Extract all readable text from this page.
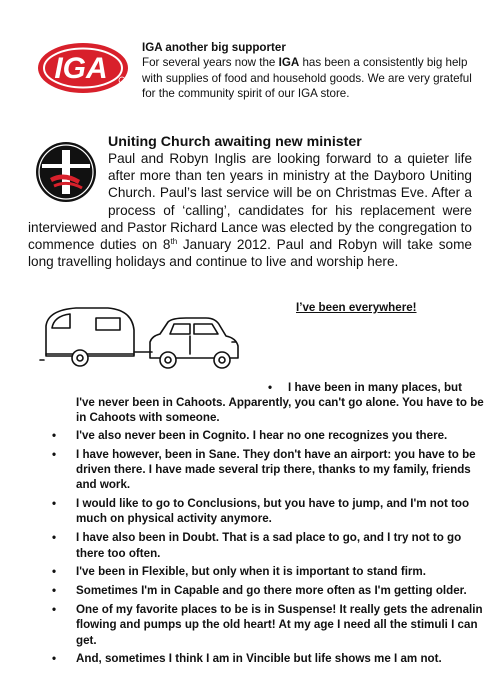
IGA
IGA another big supporter
For several years now the IGA has been a consistently big help with supplies of food and household goods. We are very grateful for the community spirit of our IGA store.
Uniting Church awaiting new minister
Paul and Robyn Inglis are looking forward to a quieter life after more than ten years in ministry at the Dayboro Uniting Church. Paul’s last service will be on Christmas Eve. After a process of ‘calling’, candidates for his replacement were interviewed and Pastor Richard Lance was elected by the congregation to commence duties on 8th January 2012. Paul and Robyn will take some long travelling holidays and continue to live and worship here.
I’ve been everywhere!
• I have been in many places, but
I've never been in Cahoots. Apparently, you can't go alone. You have to be in Cahoots with someone.
• I've also never been in Cognito. I hear no one recognizes you there.
• I have however, been in Sane. They don't have an airport: you have to be driven there. I have made several trip there, thanks to my family, friends and work.
• I would like to go to Conclusions, but you have to jump, and I'm not too much on physical activity anymore.
• I have also been in Doubt. That is a sad place to go, and I try not to go there too often.
• I've been in Flexible, but only when it is important to stand firm.
• Sometimes I'm in Capable and go there more often as I'm getting older.
• One of my favorite places to be is in Suspense! It really gets the adrenalin flowing and pumps up the old heart! At my age I need all the stimuli I can get.
• And, sometimes I think I am in Vincible but life shows me I am not.
